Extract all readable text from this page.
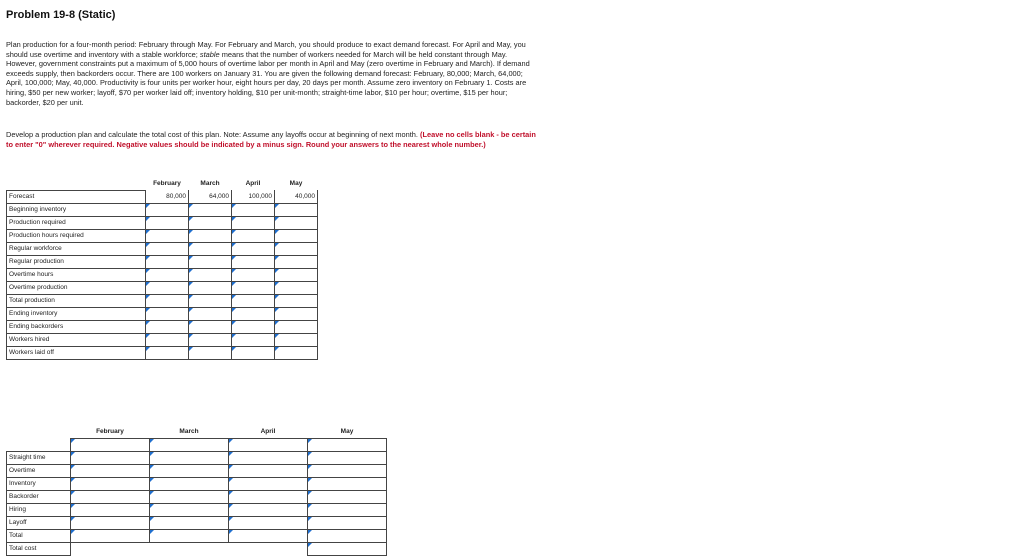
Problem 19-8 (Static)

Plan production for a four-month period: February through May. For February and March, you should produce to exact demand forecast. For April and May, you should use overtime and inventory with a stable workforce; stable means that the number of workers needed for March will be held constant through May. However, government constraints put a maximum of 5,000 hours of overtime labor per month in April and May (zero overtime in February and March). If demand exceeds supply, then backorders occur. There are 100 workers on January 31. You are given the following demand forecast: February, 80,000; March, 64,000; April, 100,000; May, 40,000. Productivity is four units per worker hour, eight hours per day, 20 days per month. Assume zero inventory on February 1. Costs are hiring, $50 per new worker; layoff, $70 per worker laid off; inventory holding, $10 per unit-month; straight-time labor, $10 per hour; overtime, $15 per hour; backorder, $20 per unit.

Develop a production plan and calculate the total cost of this plan. Note: Assume any layoffs occur at beginning of next month. (Leave no cells blank - be certain to enter "0" wherever required. Negative values should be indicated by a minus sign. Round your answers to the nearest whole number.)

	February	March	April	May
Forecast	80,000	64,000	100,000	40,000
Beginning inventory				
Production required				
Production hours required				
Regular workforce				
Regular production				
Overtime hours				
Overtime production				
Total production				
Ending inventory				
Ending backorders				
Workers hired				
Workers laid off				
	February	March	April	May

Straight time				
Overtime				
Inventory				
Backorder				
Hiring				
Layoff				
Total				
Total cost				
